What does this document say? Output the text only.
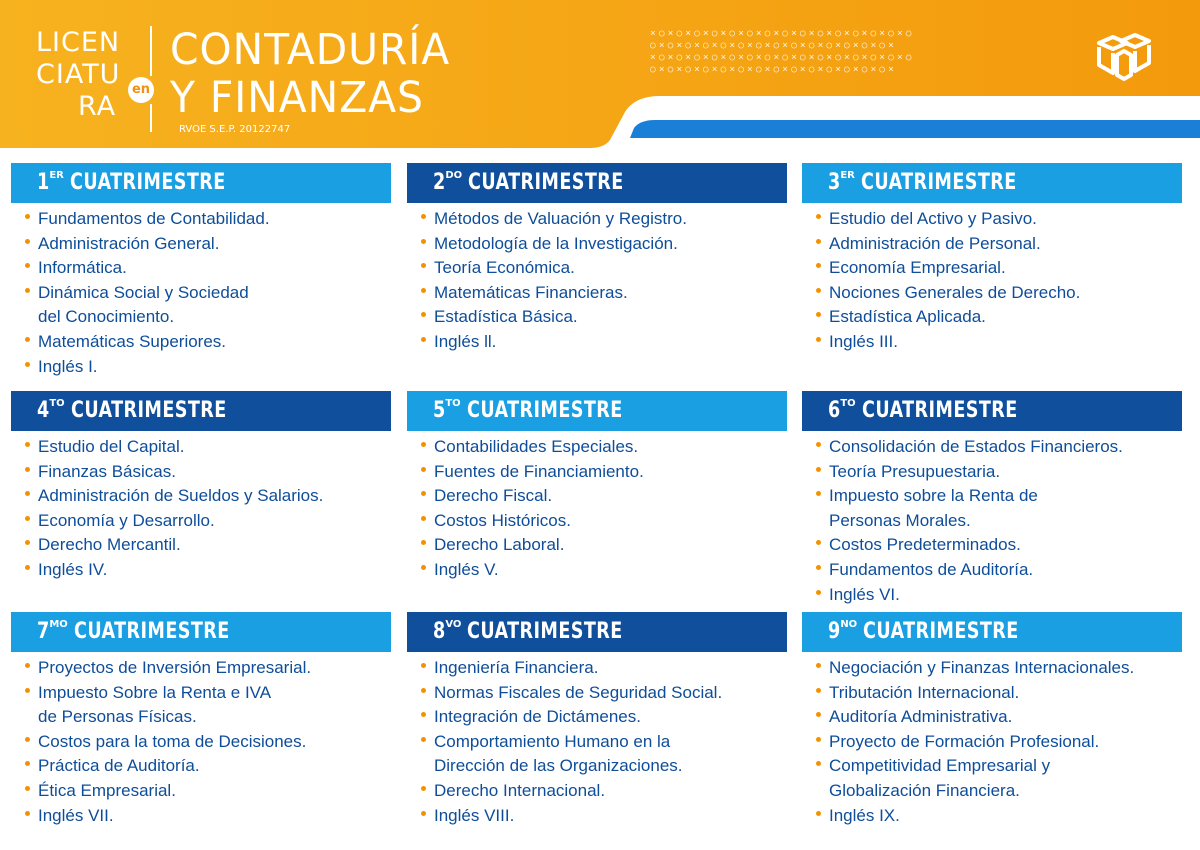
LICEN
CIATU
RA
en
CONTADURÍA
Y FINANZAS
RVOE S.E.P. 20122747
×○×○×○×○×○×○×○×○×○×○×○×○×○×○×○
○×○×○×○×○×○×○×○×○×○×○×○×○×○×
×○×○×○×○×○×○×○×○×○×○×○×○×○×○×○
○×○×○×○×○×○×○×○×○×○×○×○×○×○×
1 ER CUATRIMESTRE
Fundamentos de Contabilidad.
Administración General.
Informática.
Dinámica Social y Sociedad
del Conocimiento.
Matemáticas Superiores.
Inglés I.
2 DO CUATRIMESTRE
Métodos de Valuación y Registro.
Metodología de la Investigación.
Teoría Económica.
Matemáticas Financieras.
Estadística Básica.
Inglés ll.
3 ER CUATRIMESTRE
Estudio del Activo y Pasivo.
Administración de Personal.
Economía Empresarial.
Nociones Generales de Derecho.
Estadística Aplicada.
Inglés III.
4 TO CUATRIMESTRE
Estudio del Capital.
Finanzas Básicas.
Administración de Sueldos y Salarios.
Economía y Desarrollo.
Derecho Mercantil.
Inglés IV.
5 TO CUATRIMESTRE
Contabilidades Especiales.
Fuentes de Financiamiento.
Derecho Fiscal.
Costos Históricos.
Derecho Laboral.
Inglés V.
6 TO CUATRIMESTRE
Consolidación de Estados Financieros.
Teoría Presupuestaria.
Impuesto sobre la Renta de
Personas Morales.
Costos Predeterminados.
Fundamentos de Auditoría.
Inglés VI.
7 MO CUATRIMESTRE
Proyectos de Inversión Empresarial.
Impuesto Sobre la Renta e IVA
de Personas Físicas.
Costos para la toma de Decisiones.
Práctica de Auditoría.
Ética Empresarial.
Inglés VII.
8 VO CUATRIMESTRE
Ingeniería Financiera.
Normas Fiscales de Seguridad Social.
Integración de Dictámenes.
Comportamiento Humano en la
Dirección de las Organizaciones.
Derecho Internacional.
Inglés VIII.
9 NO CUATRIMESTRE
Negociación y Finanzas Internacionales.
Tributación Internacional.
Auditoría Administrativa.
Proyecto de Formación Profesional.
Competitividad Empresarial y
Globalización Financiera.
Inglés IX.
